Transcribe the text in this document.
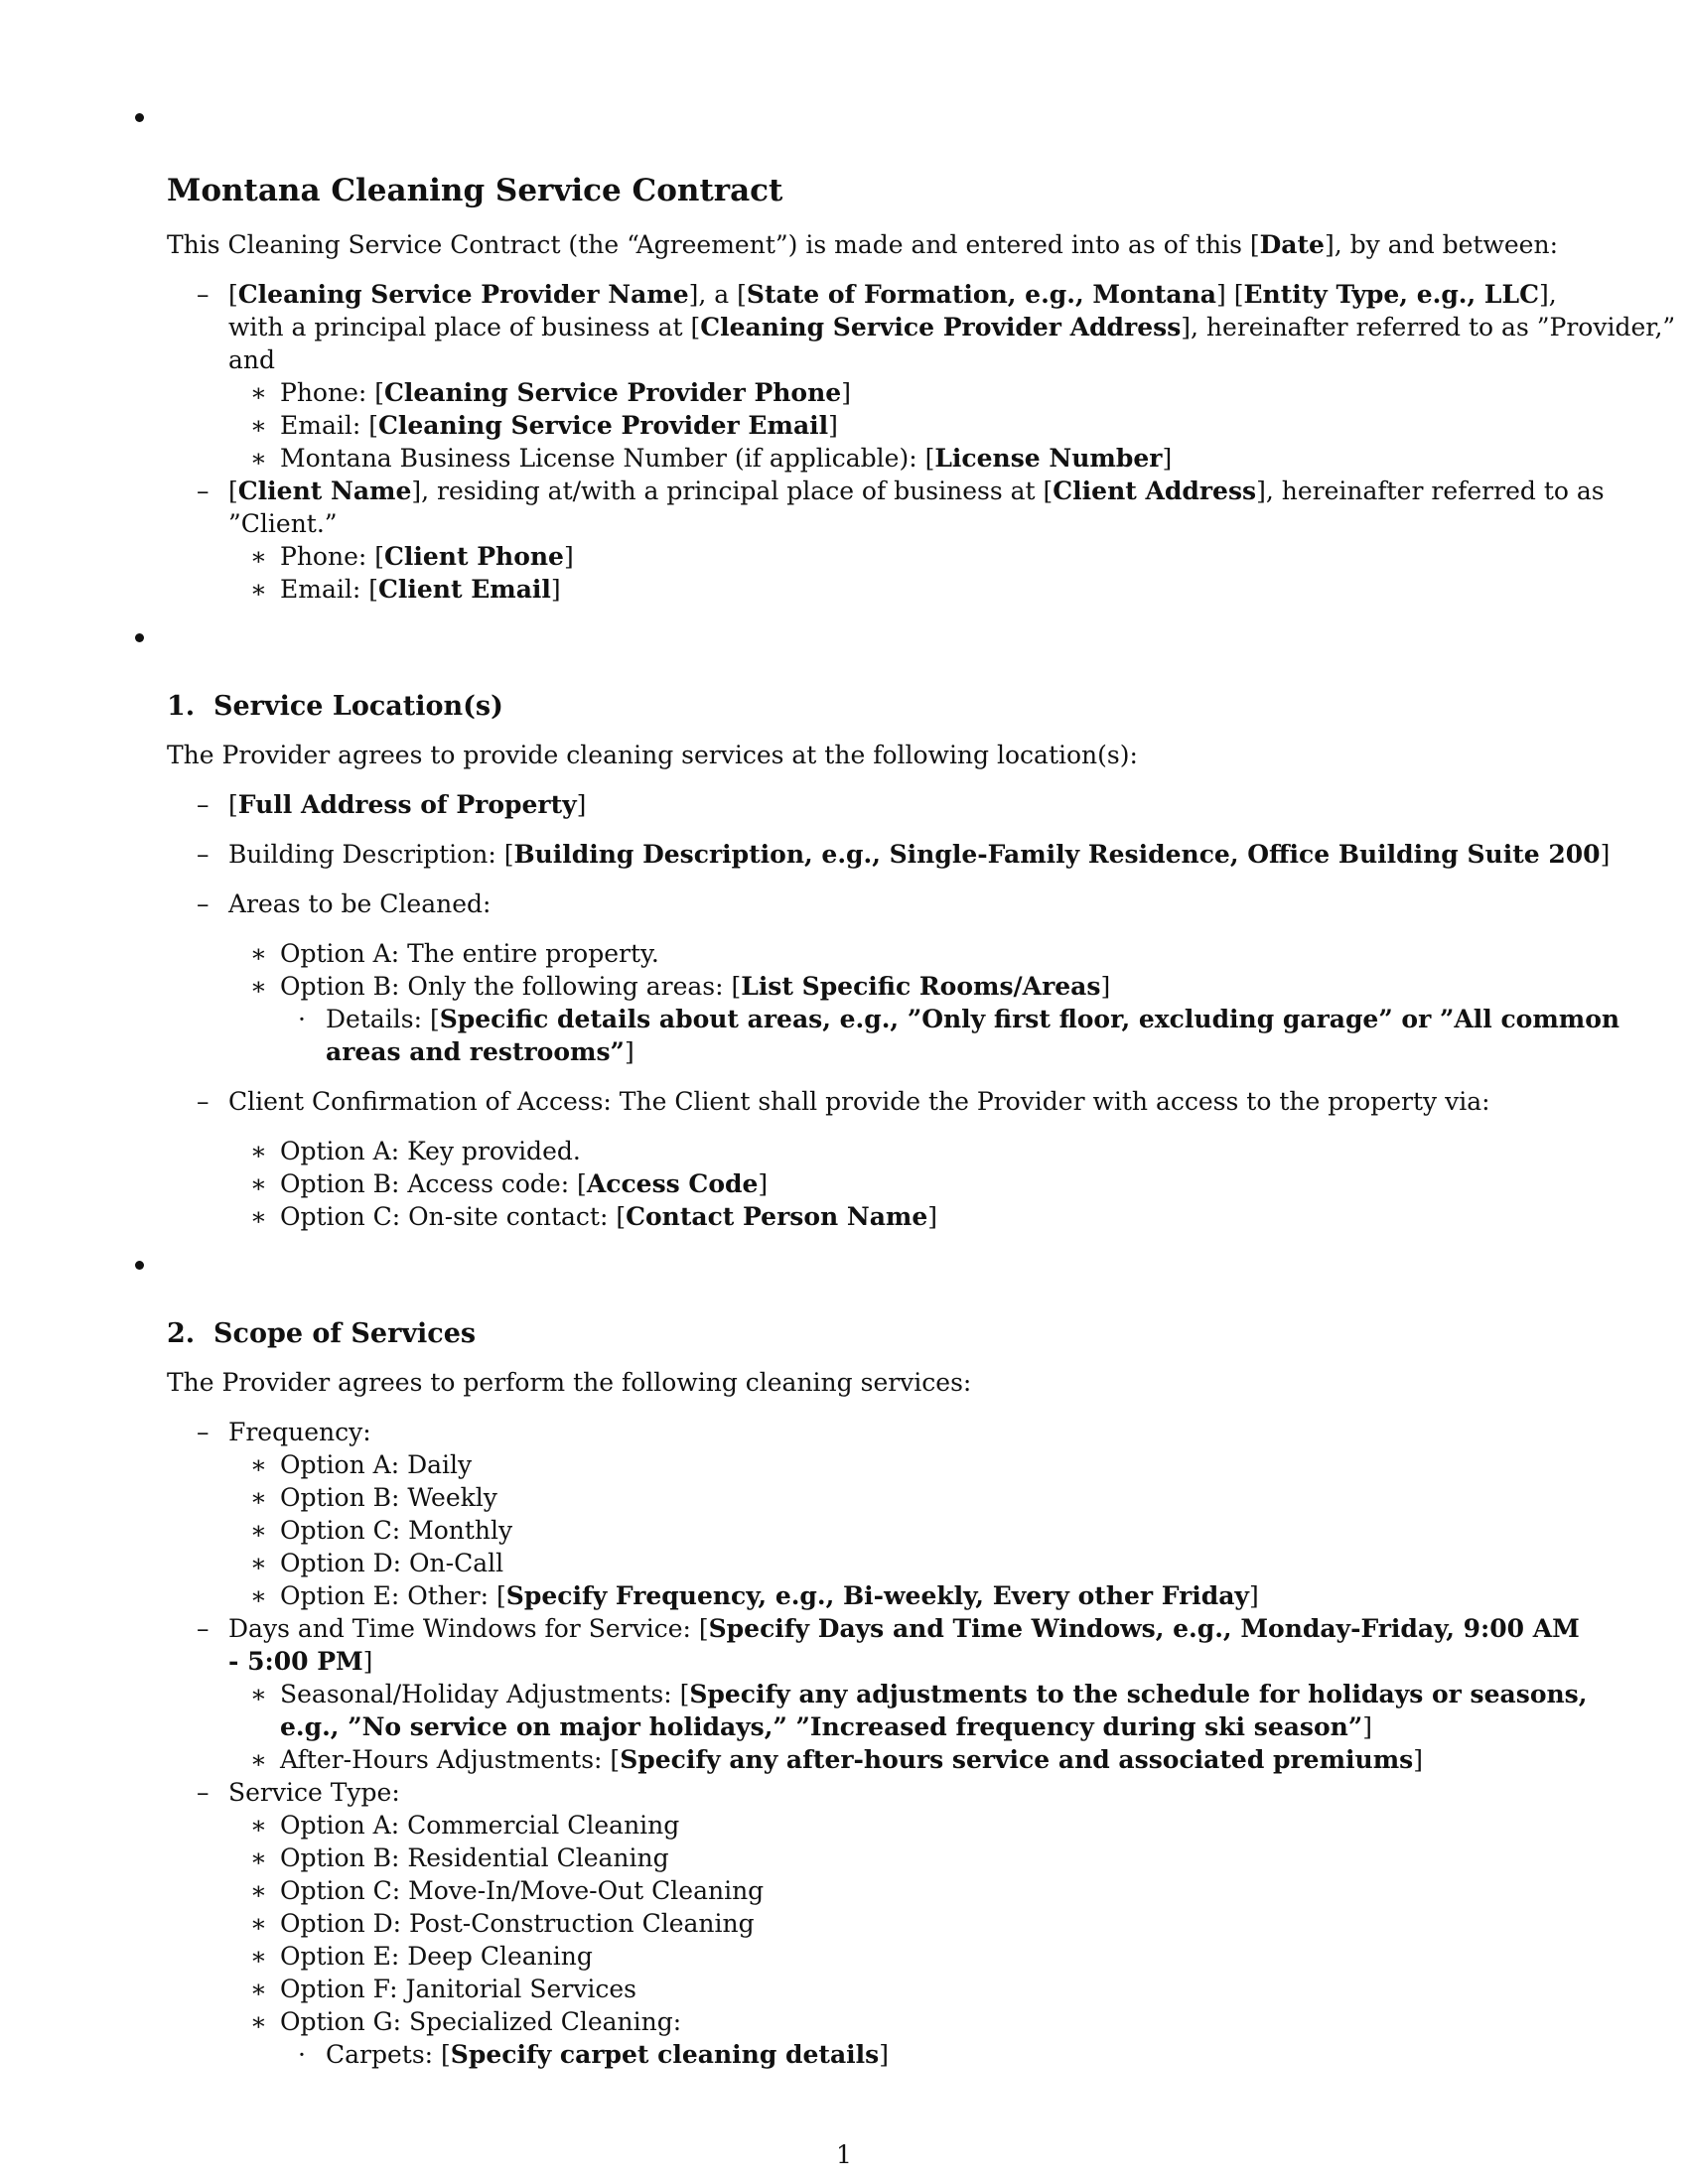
Montana Cleaning Service Contract
This Cleaning Service Contract (the “Agreement”) is made and entered into as of this [Date], by and between:
– [Cleaning Service Provider Name], a [State of Formation, e.g., Montana] [Entity Type, e.g., LLC],
with a principal place of business at [Cleaning Service Provider Address], hereinafter referred to as ”Provider,”
and
∗ Phone: [Cleaning Service Provider Phone]
∗ Email: [Cleaning Service Provider Email]
∗ Montana Business License Number (if applicable): [License Number]
– [Client Name], residing at/with a principal place of business at [Client Address], hereinafter referred to as
”Client.”
∗ Phone: [Client Phone]
∗ Email: [Client Email]
1. Service Location(s)
The Provider agrees to provide cleaning services at the following location(s):
– [Full Address of Property]
– Building Description: [Building Description, e.g., Single-Family Residence, Office Building Suite 200]
– Areas to be Cleaned:
∗ Option A: The entire property.
∗ Option B: Only the following areas: [List Specific Rooms/Areas]
· Details: [Specific details about areas, e.g., ”Only first floor, excluding garage” or ”All common
areas and restrooms”]
– Client Confirmation of Access: The Client shall provide the Provider with access to the property via:
∗ Option A: Key provided.
∗ Option B: Access code: [Access Code]
∗ Option C: On-site contact: [Contact Person Name]
2. Scope of Services
The Provider agrees to perform the following cleaning services:
– Frequency:
∗ Option A: Daily
∗ Option B: Weekly
∗ Option C: Monthly
∗ Option D: On-Call
∗ Option E: Other: [Specify Frequency, e.g., Bi-weekly, Every other Friday]
– Days and Time Windows for Service: [Specify Days and Time Windows, e.g., Monday-Friday, 9:00 AM
- 5:00 PM]
∗ Seasonal/Holiday Adjustments: [Specify any adjustments to the schedule for holidays or seasons,
e.g., ”No service on major holidays,” ”Increased frequency during ski season”]
∗ After-Hours Adjustments: [Specify any after-hours service and associated premiums]
– Service Type:
∗ Option A: Commercial Cleaning
∗ Option B: Residential Cleaning
∗ Option C: Move-In/Move-Out Cleaning
∗ Option D: Post-Construction Cleaning
∗ Option E: Deep Cleaning
∗ Option F: Janitorial Services
∗ Option G: Specialized Cleaning:
· Carpets: [Specify carpet cleaning details]
1
